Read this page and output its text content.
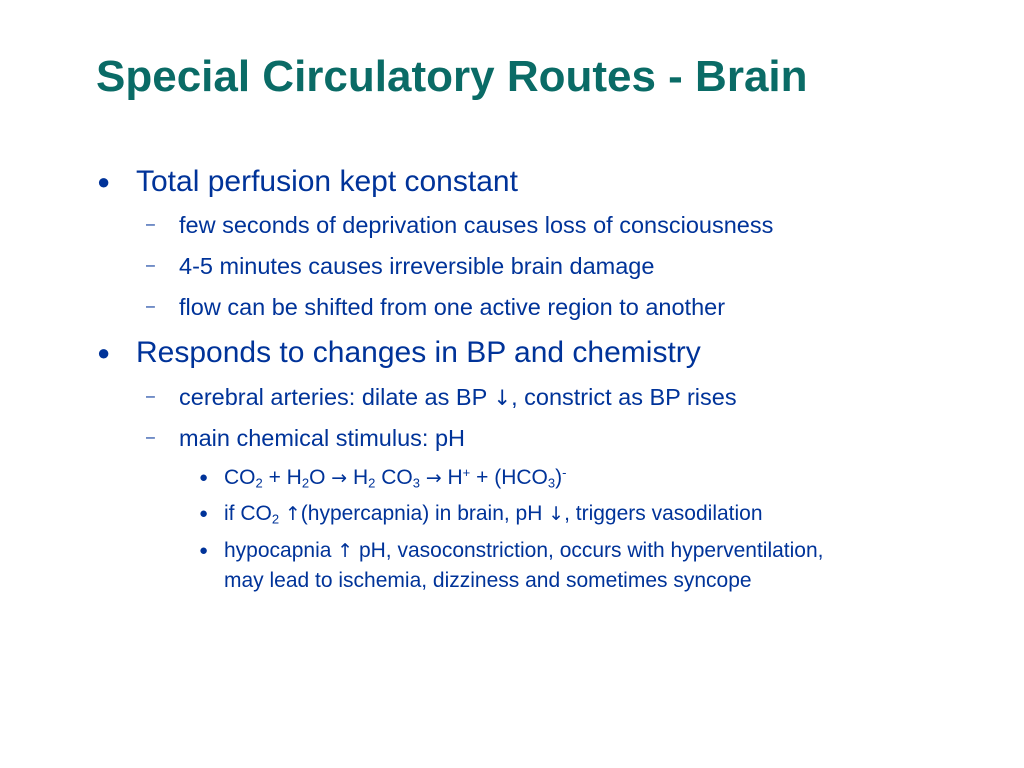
Special Circulatory Routes - Brain
● Total perfusion kept constant
– few seconds of deprivation causes loss of consciousness
– 4-5 minutes causes irreversible brain damage
– flow can be shifted from one active region to another
● Responds to changes in BP and chemistry
– cerebral arteries: dilate as BP ↓, constrict as BP rises
– main chemical stimulus: pH
● $CO_2 + H_2O \to H_2$ $CO_3 \to H^+ + (HCO_3)^-$
● if $CO_2$ ↑(hypercapnia) in brain, pH ↓, triggers vasodilation
● hypocapnia ↑ pH, vasoconstriction, occurs with hyperventilation,
may lead to ischemia, dizziness and sometimes syncope
